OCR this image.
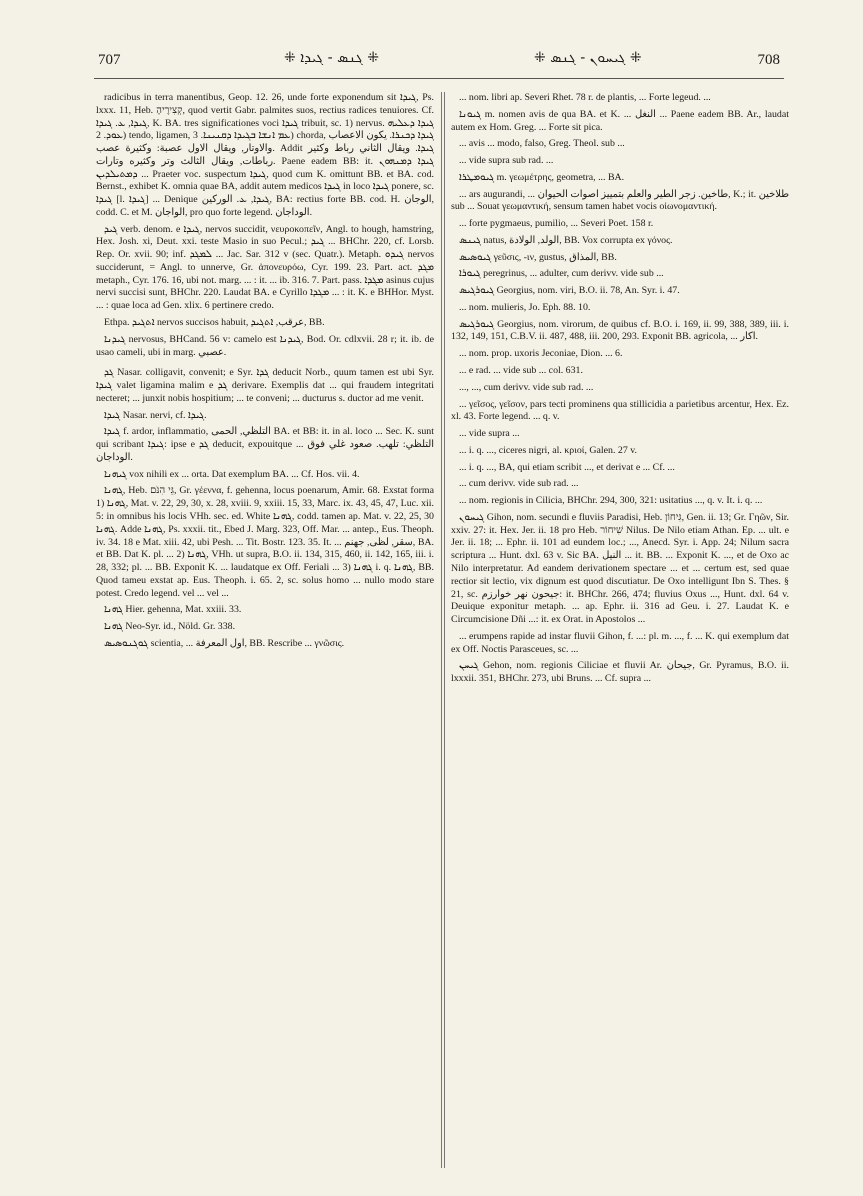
707	⁜ ܓܢܣ - ܓܝܕܐ ⁜	⁜ ܓܝܚܘܢ - ܓܢܣ ⁜	708

radicibus in terra manentibus, Geop. 12. 26, unde forte exponendum sit ܓܝܕܐ, Ps. lxxx. 11, Heb. קְצִירֶיהָ, quod vertit Gabr. palmites suos, rectius radices tenuiores. Cf. ܓܝܕܐ, ܥ. ܓܝܕܐ, K. BA. tres significationes voci ܓܝܕܐ tribuit, sc. 1) nervus. ܓܝܕܐ ܕܥܠܝܗ ܥܘܕ. 2) tendo, ligamen, ܥܡ ܐܢܫܐ ܒܓܝܕܐ ܕܩܢܝܢܐ. 3) chorda, ܓܝܕܐ ܕܟܢܪܐ. يكون الاعصاب والاوتار, ويقال الاول عصبة: وكثيرة عصب. Addit ܓܝܕܐ. ويقال الثاني رباط وكثير رباطات, ويقال الثالث وتر وكثيره وتارات. Paene eadem BB: it. ܓܝܕܐ ܕܡܢܗܘܢ ܕܡܬܝܠܕܝܢ ... Praeter voc. suspectum ܓܝܕܐ, quod cum K. omittunt BB. et BA. cod. Bernst., exhibet K. omnia quae BA, addit autem medicos ܓܝܕܐ in loco ܓܝܕܐ ponere, sc. ܓܝܕܐ [l. ܓܝܕܐ] ... Denique ܓܝܕܐ, ܥ. الوركين, BA: rectius forte BB. cod. H. الوجان, codd. C. et M. الواجان, pro quo forte legend. الوداجان.

ܓܝܕ verb. denom. e ܓܝܕܐ, nervos succidit, νευροκοπεῖν, Angl. to hough, hamstring, Hex. Josh. xi, Deut. xxi. teste Masio in suo Pecul.; ܓܝܕ ... BHChr. 220, cf. Lorsb. Rep. Or. xvii. 90; inf. ܠܡܓܕ ... Jac. Sar. 312 v (sec. Quatr.). Metaph. ܓܝܕܘ nervos succiderunt, = Angl. to unnerve, Gr. ἀπονευρόω, Cyr. 199. 23. Part. act. ܡܓܕ metaph., Cyr. 176. 16, ubi not. marg. ... : it. ... ib. 316. 7. Part. pass. ܡܓܕܐ asinus cujus nervi succisi sunt, BHChr. 220. Laudat BA. e Cyrillo ܡܓܕܐ ... : it. K. e BHHor. Myst. ... : quae loca ad Gen. xlix. 6 pertinere credo.

Ethpa. ܐܬܓܝܕ nervos succisos habuit, عرقب, ܐܬܓܝܕ, BB.

ܓܝܕܢܐ nervosus, BHCand. 56 v: camelo est ܓܝܕܢܐ, Bod. Or. cdlxvii. 28 r; it. ib. de usao cameli, ubi in marg. عصبي.

ܓܕ Nasar. colligavit, convenit; e Syr. ܓܕܐ deducit Norb., quum tamen est ubi Syr. ܓܝܕܐ valet ligamina malim e ܓܕ derivare. Exemplis dat ... qui fraudem integritati necteret; ... junxit nobis hospitium; ... te conveni; ... ducturus s. ductor ad me venit.

ܓܝܕܐ Nasar. nervi, cf. ܓܝܕܐ.

ܓܝܕܐ f. ardor, inflammatio, التلظي, الحمى BA. et BB: it. in al. loco ... Sec. K. sunt qui scribant ܓܝܕܐ: ipse e ܓܕ deducit, expouitque التلظي: تلهب. صعود غلي فوق ... الوداجان.

ܓܝܗܢܐ vox nihili ex ... orta. Dat exemplum BA. ... Cf. Hos. vii. 4.

ܓܗܢܐ, Heb. גֵּי הִנֹּם, Gr. γέεννα, f. gehenna, locus poenarum, Amir. 68. Exstat forma 1) ܓܗܢܐ, Mat. v. 22, 29, 30, x. 28, xviii. 9, xxiii. 15, 33, Marc. ix. 43, 45, 47, Luc. xii. 5: in omnibus his locis VHh. sec. ed. White ܓܗܢܐ, codd. tamen ap. Mat. v. 22, 25, 30 ܓܗܢܐ. Adde ܓܗܢܐ, Ps. xxxii. tit., Ebed J. Marg. 323, Off. Mar. ... antep., Eus. Theoph. iv. 34. 18 e Mat. xiii. 42, ubi Pesh. ... Tit. Bostr. 123. 35. It. ... سقر, لظى, جهنم, BA. et BB. Dat K. pl. ... 2) ܓܗܢܐ, VHh. ut supra, B.O. ii. 134, 315, 460, ii. 142, 165, iii. i. 28, 332; pl. ... BB. Exponit K. ... laudatque ex Off. Feriali ... 3) ܓܗܢܐ i. q. ܓܗܢܐ, BB. Quod tameu exstat ap. Eus. Theoph. i. 65. 2, sc. solus homo ... nullo modo stare potest. Credo legend. vel ... vel ...

ܓܗܢܐ Hier. gehenna, Mat. xxiii. 33.

ܓܗܢܐ Neo-Syr. id., Nöld. Gr. 338.

ܓܘܓܢܘܣܝܣ scientia, ... اول المعرفة, BB. Rescribe ... γνῶσις.

... nom. libri ap. Severi Rhet. 78 r. de plantis, ... Forte legeud. ...

ܓܝܘܢܐ m. nomen avis de qua BA. et K. ... النغل ... Paene eadem BB. Ar., laudat autem ex Hom. Greg. ... Forte sit pica.

... avis ... modo, falso, Greg. Theol. sub ...

... vide supra sub rad. ...

ܓܝܘܡܛܪܐ m. γεωμέτρης, geometra, ... BA.

... ars augurandi, ... طاخين. زجر الطير والعلم بتمييز اصوات الحيوان, K.; it. طلاخين sub ... Souat γεωμαντική, sensum tamen habet vocis οἰωνομαντική.

... forte pygmaeus, pumilio, ... Severi Poet. 158 r.

ܓܝܢܣ natus, الولد, الولادة, BB. Vox corrupta ex γόνος.

ܓܝܘܣܝܣ γεῦσις, -ιν, gustus, المذاق, BB.

ܓܝܘܪܐ peregrinus, ... adulter, cum derivv. vide sub ...

ܓܝܘܪܓܝܣ Georgius, nom. viri, B.O. ii. 78, An. Syr. i. 47.

... nom. mulieris, Jo. Eph. 88. 10.

ܓܝܘܪܓܝܣ Georgius, nom. virorum, de quibus cf. B.O. i. 169, ii. 99, 388, 389, iii. i. 132, 149, 151, C.B.V. ii. 487, 488, iii. 200, 293. Exponit BB. agricola, ... اكار.

... nom. prop. uxoris Jeconiae, Dion. ... 6.

... e rad. ... vide sub ... col. 631.

..., ..., cum derivv. vide sub rad. ...

... γεῖσος, γεῖσον, pars tecti prominens qua stillicidia a parietibus arcentur, Hex. Ez. xl. 43. Forte legend. ... q. v.

... vide supra ...

... i. q. ..., ciceres nigri, al. κριοί, Galen. 27 v.

... i. q. ..., BA, qui etiam scribit ..., et derivat e ... Cf. ...

... cum derivv. vide sub rad. ...

... nom. regionis in Cilicia, BHChr. 294, 300, 321: usitatius ..., q. v. It. i. q. ...

ܓܝܚܘܢ Gihon, nom. secundi e fluviis Paradisi, Heb. גִּיחוֹן, Gen. ii. 13; Gr. Γηῶν, Sir. xxiv. 27: it. Hex. Jer. ii. 18 pro Heb. שִׁיחוֹר Nilus. De Nilo etiam Athan. Ep. ... ult. e Jer. ii. 18; ... Ephr. ii. 101 ad eundem loc.; ..., Anecd. Syr. i. App. 24; Nilum sacra scriptura ... Hunt. dxl. 63 v. Sic BA. النيل ... it. BB. ... Exponit K. ..., et de Oxo ac Nilo interpretatur. Ad eandem derivationem spectare ... et ... certum est, sed quae rectior sit lectio, vix dignum est quod discutiatur. De Oxo intelligunt Ibn S. Thes. § 21, sc. جيحون نهر خوارزم: it. BHChr. 266, 474; fluvius Oxus ..., Hunt. dxl. 64 v. Deuique exponitur metaph. ... ap. Ephr. ii. 316 ad Geu. i. 27. Laudat K. e Circumcisione Dñi ...: it. ex Orat. in Apostolos ...

... erumpens rapide ad instar fluvii Gihon, f. ...: pl. m. ..., f. ... K. qui exemplum dat ex Off. Noctis Parasceues, sc. ...

ܓܝܚܢ Gehon, nom. regionis Ciliciae et fluvii Ar. جيحان, Gr. Pyramus, B.O. ii. lxxxii. 351, BHChr. 273, ubi Bruns. ... Cf. supra ...
